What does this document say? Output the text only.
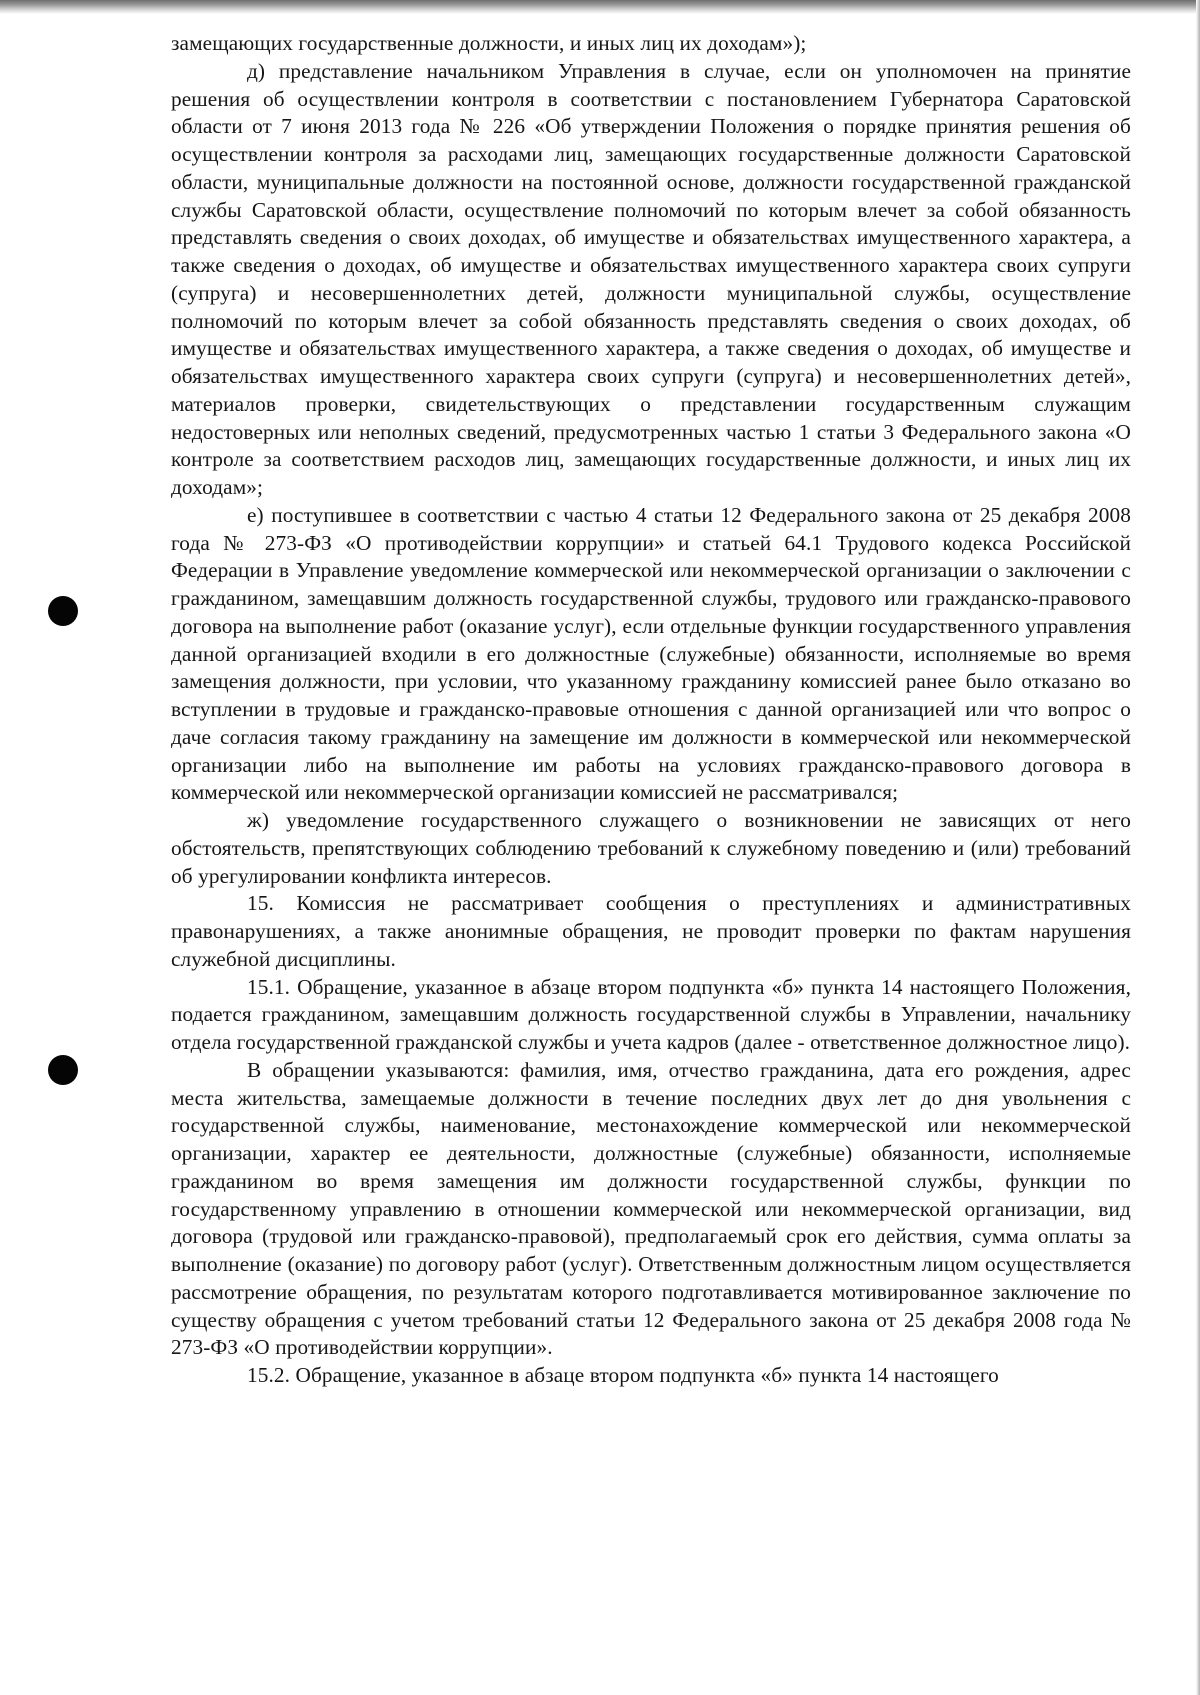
замещающих государственные должности, и иных лиц их доходам»);

д) представление начальником Управления в случае, если он уполномочен на принятие решения об осуществлении контроля в соответствии с постановлением Губернатора Саратовской области от 7 июня 2013 года № 226 «Об утверждении Положения о порядке принятия решения об осуществлении контроля за расходами лиц, замещающих государственные должности Саратовской области, муниципальные должности на постоянной основе, должности государственной гражданской службы Саратовской области, осуществление полномочий по которым влечет за собой обязанность представлять сведения о своих доходах, об имуществе и обязательствах имущественного характера, а также сведения о доходах, об имуществе и обязательствах имущественного характера своих супруги (супруга) и несовершеннолетних детей, должности муниципальной службы, осуществление полномочий по которым влечет за собой обязанность представлять сведения о своих доходах, об имуществе и обязательствах имущественного характера, а также сведения о доходах, об имуществе и обязательствах имущественного характера своих супруги (супруга) и несовершеннолетних детей», материалов проверки, свидетельствующих о представлении государственным служащим недостоверных или неполных сведений, предусмотренных частью 1 статьи 3 Федерального закона «О контроле за соответствием расходов лиц, замещающих государственные должности, и иных лиц их доходам»;

е) поступившее в соответствии с частью 4 статьи 12 Федерального закона от 25 декабря 2008 года № 273-ФЗ «О противодействии коррупции» и статьей 64.1 Трудового кодекса Российской Федерации в Управление уведомление коммерческой или некоммерческой организации о заключении с гражданином, замещавшим должность государственной службы, трудового или гражданско-правового договора на выполнение работ (оказание услуг), если отдельные функции государственного управления данной организацией входили в его должностные (служебные) обязанности, исполняемые во время замещения должности, при условии, что указанному гражданину комиссией ранее было отказано во вступлении в трудовые и гражданско-правовые отношения с данной организацией или что вопрос о даче согласия такому гражданину на замещение им должности в коммерческой или некоммерческой организации либо на выполнение им работы на условиях гражданско-правового договора в коммерческой или некоммерческой организации комиссией не рассматривался;

ж) уведомление государственного служащего о возникновении не зависящих от него обстоятельств, препятствующих соблюдению требований к служебному поведению и (или) требований об урегулировании конфликта интересов.

15. Комиссия не рассматривает сообщения о преступлениях и административных правонарушениях, а также анонимные обращения, не проводит проверки по фактам нарушения служебной дисциплины.

15.1. Обращение, указанное в абзаце втором подпункта «б» пункта 14 настоящего Положения, подается гражданином, замещавшим должность государственной службы в Управлении, начальнику отдела государственной гражданской службы и учета кадров (далее - ответственное должностное лицо).

В обращении указываются: фамилия, имя, отчество гражданина, дата его рождения, адрес места жительства, замещаемые должности в течение последних двух лет до дня увольнения с государственной службы, наименование, местонахождение коммерческой или некоммерческой организации, характер ее деятельности, должностные (служебные) обязанности, исполняемые гражданином во время замещения им должности государственной службы, функции по государственному управлению в отношении коммерческой или некоммерческой организации, вид договора (трудовой или гражданско-правовой), предполагаемый срок его действия, сумма оплаты за выполнение (оказание) по договору работ (услуг). Ответственным должностным лицом осуществляется рассмотрение обращения, по результатам которого подготавливается мотивированное заключение по существу обращения с учетом требований статьи 12 Федерального закона от 25 декабря 2008 года № 273-ФЗ «О противодействии коррупции».

15.2. Обращение, указанное в абзаце втором подпункта «б» пункта 14 настоящего
